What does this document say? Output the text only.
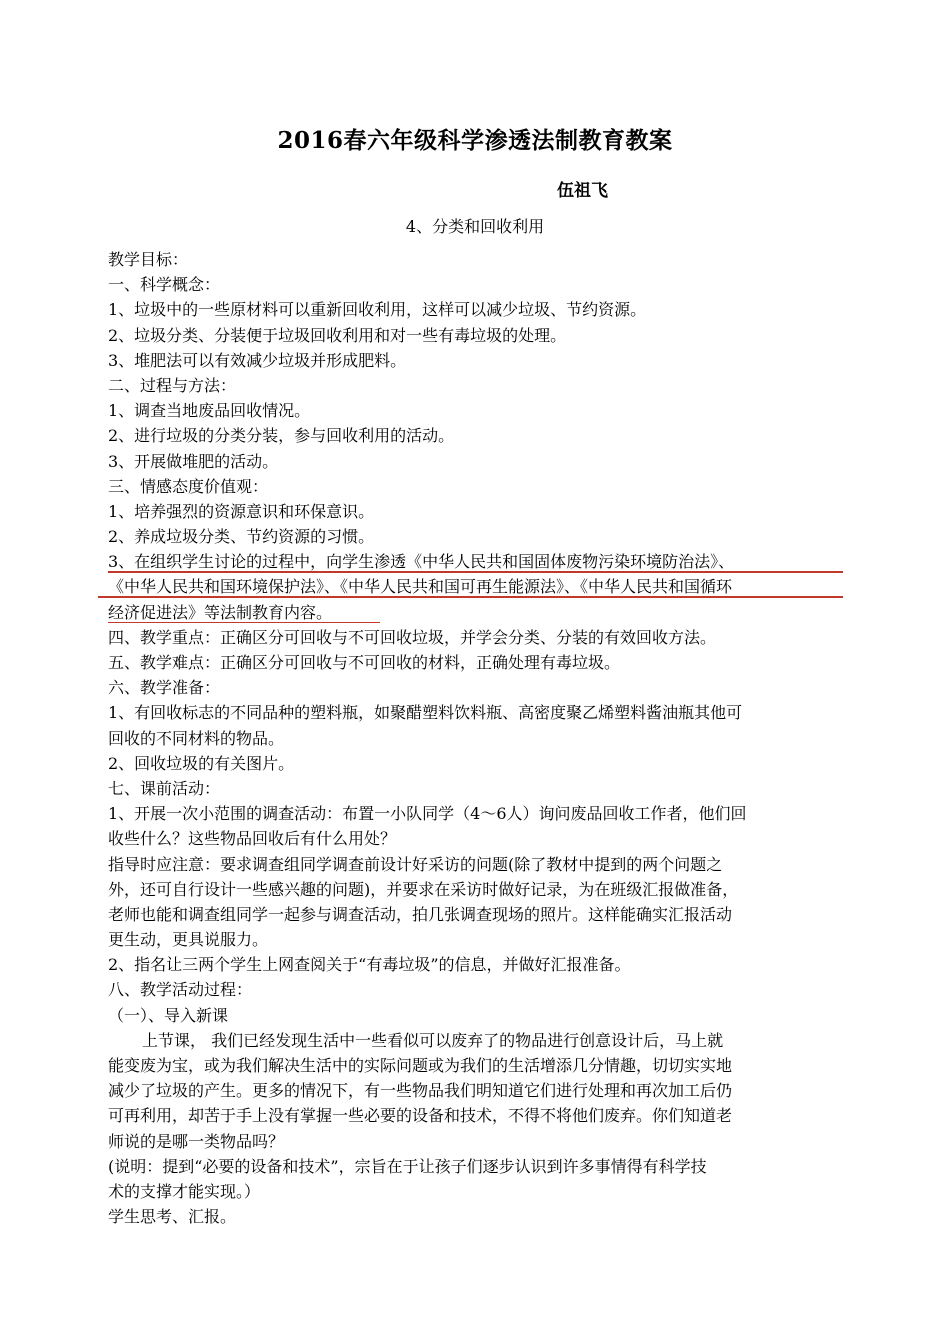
2016春六年级科学渗透法制教育教案
伍祖飞
4、分类和回收利用
教学目标：
一、科学概念：
1、垃圾中的一些原材料可以重新回收利用，这样可以减少垃圾、节约资源。
2、垃圾分类、分装便于垃圾回收利用和对一些有毒垃圾的处理。
3、堆肥法可以有效减少垃圾并形成肥料。
二、过程与方法：
1、调查当地废品回收情况。
2、进行垃圾的分类分装，参与回收利用的活动。
3、开展做堆肥的活动。
三、情感态度价值观：
1、培养强烈的资源意识和环保意识。
2、养成垃圾分类、节约资源的习惯。
3、在组织学生讨论的过程中，向学生渗透《中华人民共和国固体废物污染环境防治法》、
《中华人民共和国环境保护法》、《中华人民共和国可再生能源法》、《中华人民共和国循环
经济促进法》等法制教育内容。
四、教学重点：正确区分可回收与不可回收垃圾，并学会分类、分装的有效回收方法。
五、教学难点：正确区分可回收与不可回收的材料，正确处理有毒垃圾。
六、教学准备：
1、有回收标志的不同品种的塑料瓶，如聚醋塑料饮料瓶、高密度聚乙烯塑料酱油瓶其他可
回收的不同材料的物品。
2、回收垃圾的有关图片。
七、课前活动：
1、开展一次小范围的调查活动：布置一小队同学（4～6人）询问废品回收工作者，他们回
收些什么？这些物品回收后有什么用处？
指导时应注意：要求调查组同学调查前设计好采访的问题(除了教材中提到的两个问题之
外，还可自行设计一些感兴趣的问题)，并要求在采访时做好记录，为在班级汇报做准备，
老师也能和调查组同学一起参与调查活动，拍几张调查现场的照片。这样能确实汇报活动
更生动，更具说服力。
2、指名让三两个学生上网查阅关于“有毒垃圾”的信息，并做好汇报准备。
八、教学活动过程：
（一）、导入新课
上节课， 我们已经发现生活中一些看似可以废弃了的物品进行创意设计后，马上就
能变废为宝，或为我们解决生活中的实际问题或为我们的生活增添几分情趣，切切实实地
减少了垃圾的产生。更多的情况下，有一些物品我们明知道它们进行处理和再次加工后仍
可再利用，却苦于手上没有掌握一些必要的设备和技术，不得不将他们废弃。你们知道老
师说的是哪一类物品吗？
(说明：提到“必要的设备和技术”，宗旨在于让孩子们逐步认识到许多事情得有科学技
术的支撑才能实现。）
学生思考、汇报。
